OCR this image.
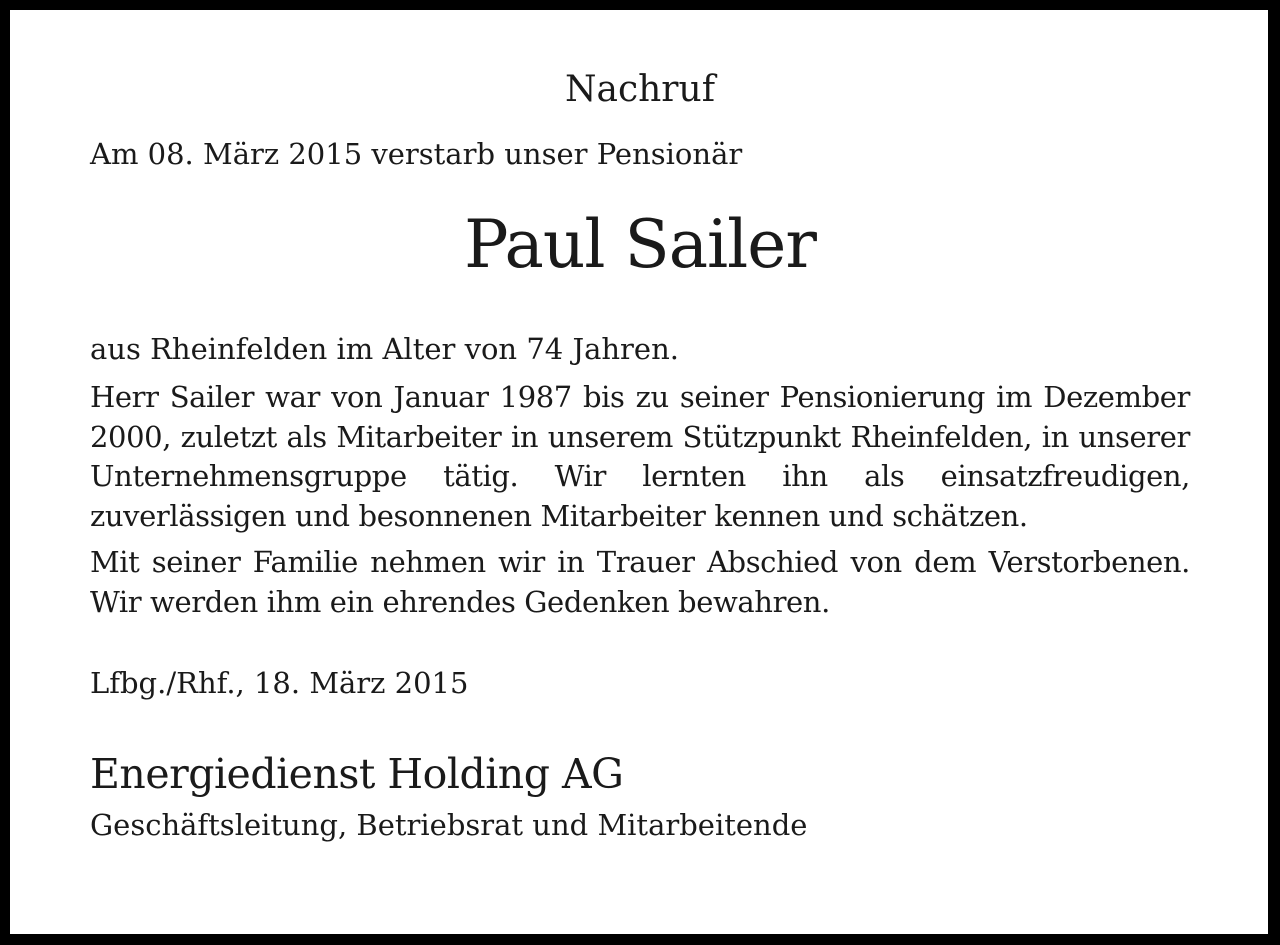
Nachruf

Am 08. März 2015 verstarb unser Pensionär

Paul Sailer

aus Rheinfelden im Alter von 74 Jahren.

Herr Sailer war von Januar 1987 bis zu seiner Pensionierung im Dezember 2000, zuletzt als Mitarbeiter in unserem Stützpunkt Rheinfelden, in unserer Unternehmensgruppe tätig. Wir lernten ihn als einsatzfreudigen, zuverlässigen und besonnenen Mitarbeiter kennen und schätzen.

Mit seiner Familie nehmen wir in Trauer Abschied von dem Verstorbenen. Wir werden ihm ein ehrendes Gedenken bewahren.

Lfbg./Rhf., 18. März 2015

Energiedienst Holding AG

Geschäftsleitung, Betriebsrat und Mitarbeitende
